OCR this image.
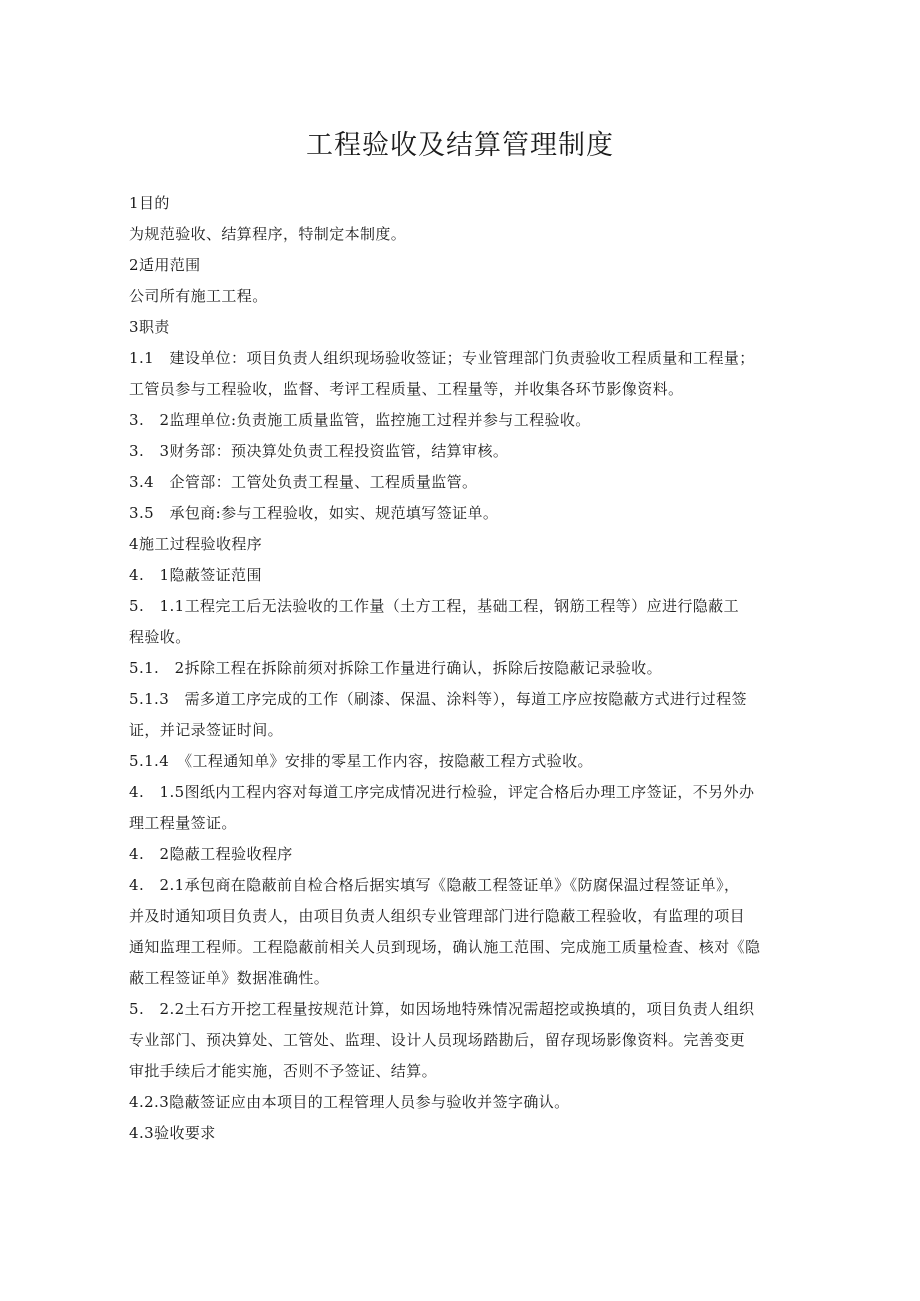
工程验收及结算管理制度
1目的
为规范验收、结算程序，特制定本制度。
2适用范围
公司所有施工工程。
3职责
1.1　建设单位：项目负责人组织现场验收签证；专业管理部门负责验收工程质量和工程量；
工管员参与工程验收，监督、考评工程质量、工程量等，并收集各环节影像资料。
3.　2监理单位:负责施工质量监管，监控施工过程并参与工程验收。
3.　3财务部：预决算处负责工程投资监管，结算审核。
3.4　企管部：工管处负责工程量、工程质量监管。
3.5　承包商:参与工程验收，如实、规范填写签证单。
4施工过程验收程序
4.　1隐蔽签证范围
5.　1.1工程完工后无法验收的工作量（土方工程，基础工程，钢筋工程等）应进行隐蔽工
程验收。
5.1.　2拆除工程在拆除前须对拆除工作量进行确认，拆除后按隐蔽记录验收。
5.1.3　需多道工序完成的工作（刷漆、保温、涂料等），每道工序应按隐蔽方式进行过程签
证，并记录签证时间。
5.1.4　《工程通知单》安排的零星工作内容，按隐蔽工程方式验收。
4.　1.5图纸内工程内容对每道工序完成情况进行检验，评定合格后办理工序签证，不另外办
理工程量签证。
4.　2隐蔽工程验收程序
4.　2.1承包商在隐蔽前自检合格后据实填写《隐蔽工程签证单》《防腐保温过程签证单》，
并及时通知项目负责人，由项目负责人组织专业管理部门进行隐蔽工程验收，有监理的项目
通知监理工程师。工程隐蔽前相关人员到现场，确认施工范围、完成施工质量检查、核对《隐
蔽工程签证单》数据准确性。
5.　2.2土石方开挖工程量按规范计算，如因场地特殊情况需超挖或换填的，项目负责人组织
专业部门、预决算处、工管处、监理、设计人员现场踏勘后，留存现场影像资料。完善变更
审批手续后才能实施，否则不予签证、结算。
4.2.3隐蔽签证应由本项目的工程管理人员参与验收并签字确认。
4.3验收要求
